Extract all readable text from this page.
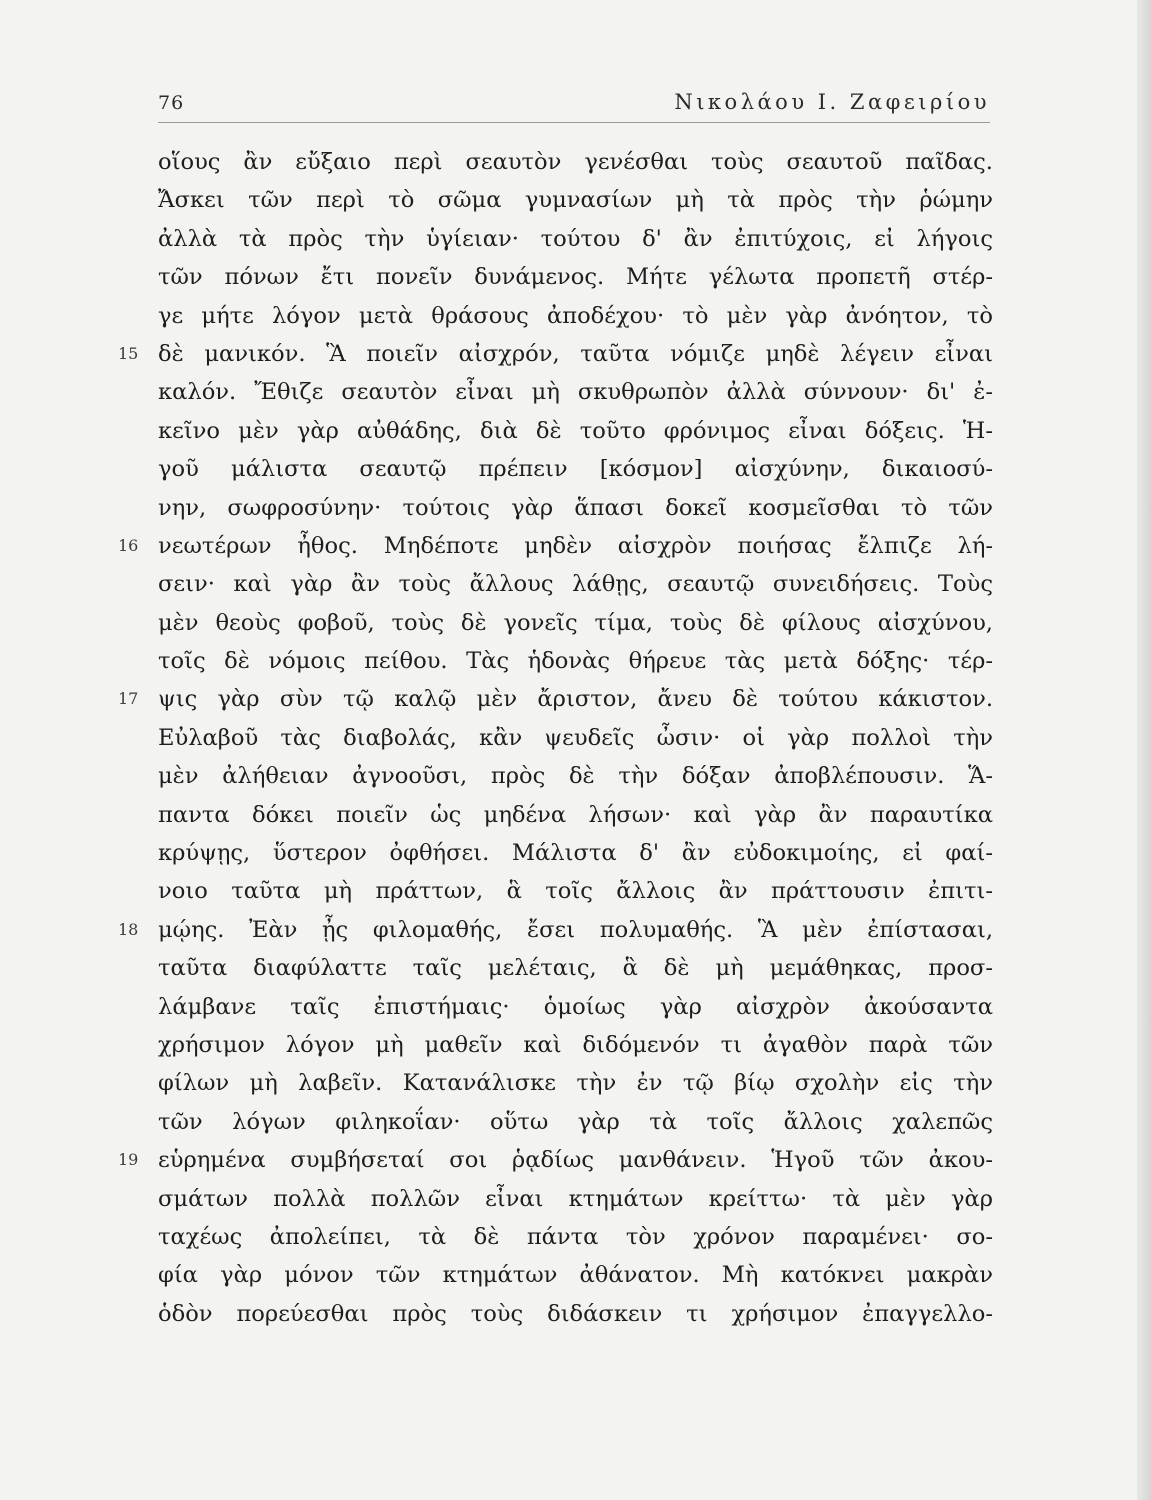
76	Νικολάου Ι. Ζαφειρίου
οἵους ἂν εὔξαιο περὶ σεαυτὸν γενέσθαι τοὺς σεαυτοῦ παῖδας.
Ἄσκει τῶν περὶ τὸ σῶμα γυμνασίων μὴ τὰ πρὸς τὴν ῥώμην
ἀλλὰ τὰ πρὸς τὴν ὑγίειαν· τούτου δ' ἂν ἐπιτύχοις, εἰ λήγοις
τῶν πόνων ἔτι πονεῖν δυνάμενος. Μήτε γέλωτα προπετῆ στέρ-
γε μήτε λόγον μετὰ θράσους ἀποδέχου· τὸ μὲν γὰρ ἀνόητον, τὸ
15 δὲ μανικόν. Ἃ ποιεῖν αἰσχρόν, ταῦτα νόμιζε μηδὲ λέγειν εἶναι
καλόν. Ἔθιζε σεαυτὸν εἶναι μὴ σκυθρωπὸν ἀλλὰ σύννουν· δι' ἐ-
κεῖνο μὲν γὰρ αὐθάδης, διὰ δὲ τοῦτο φρόνιμος εἶναι δόξεις. Ἡ-
γοῦ μάλιστα σεαυτῷ πρέπειν [κόσμον] αἰσχύνην, δικαιοσύ-
νην, σωφροσύνην· τούτοις γὰρ ἅπασι δοκεῖ κοσμεῖσθαι τὸ τῶν
16 νεωτέρων ἦθος. Μηδέποτε μηδὲν αἰσχρὸν ποιήσας ἔλπιζε λή-
σειν· καὶ γὰρ ἂν τοὺς ἄλλους λάθῃς, σεαυτῷ συνειδήσεις. Τοὺς
μὲν θεοὺς φοβοῦ, τοὺς δὲ γονεῖς τίμα, τοὺς δὲ φίλους αἰσχύνου,
τοῖς δὲ νόμοις πείθου. Τὰς ἡδονὰς θήρευε τὰς μετὰ δόξης· τέρ-
17 ψις γὰρ σὺν τῷ καλῷ μὲν ἄριστον, ἄνευ δὲ τούτου κάκιστον.
Εὐλαβοῦ τὰς διαβολάς, κἂν ψευδεῖς ὦσιν· οἱ γὰρ πολλοὶ τὴν
μὲν ἀλήθειαν ἀγνοοῦσι, πρὸς δὲ τὴν δόξαν ἀποβλέπουσιν. Ἅ-
παντα δόκει ποιεῖν ὡς μηδένα λήσων· καὶ γὰρ ἂν παραυτίκα
κρύψῃς, ὕστερον ὀφθήσει. Μάλιστα δ' ἂν εὐδοκιμοίης, εἰ φαί-
νοιο ταῦτα μὴ πράττων, ἃ τοῖς ἄλλοις ἂν πράττουσιν ἐπιτι-
18 μῴης. Ἐὰν ᾖς φιλομαθής, ἔσει πολυμαθής. Ἃ μὲν ἐπίστασαι,
ταῦτα διαφύλαττε ταῖς μελέταις, ἃ δὲ μὴ μεμάθηκας, προσ-
λάμβανε ταῖς ἐπιστήμαις· ὁμοίως γὰρ αἰσχρὸν ἀκούσαντα
χρήσιμον λόγον μὴ μαθεῖν καὶ διδόμενόν τι ἀγαθὸν παρὰ τῶν
φίλων μὴ λαβεῖν. Κατανάλισκε τὴν ἐν τῷ βίῳ σχολὴν εἰς τὴν
τῶν λόγων φιληκοΐαν· οὕτω γὰρ τὰ τοῖς ἄλλοις χαλεπῶς
19 εὑρημένα συμβήσεταί σοι ῥᾳδίως μανθάνειν. Ἡγοῦ τῶν ἀκου-
σμάτων πολλὰ πολλῶν εἶναι κτημάτων κρείττω· τὰ μὲν γὰρ
ταχέως ἀπολείπει, τὰ δὲ πάντα τὸν χρόνον παραμένει· σο-
φία γὰρ μόνον τῶν κτημάτων ἀθάνατον. Μὴ κατόκνει μακρὰν
ὁδὸν πορεύεσθαι πρὸς τοὺς διδάσκειν τι χρήσιμον ἐπαγγελλο-
